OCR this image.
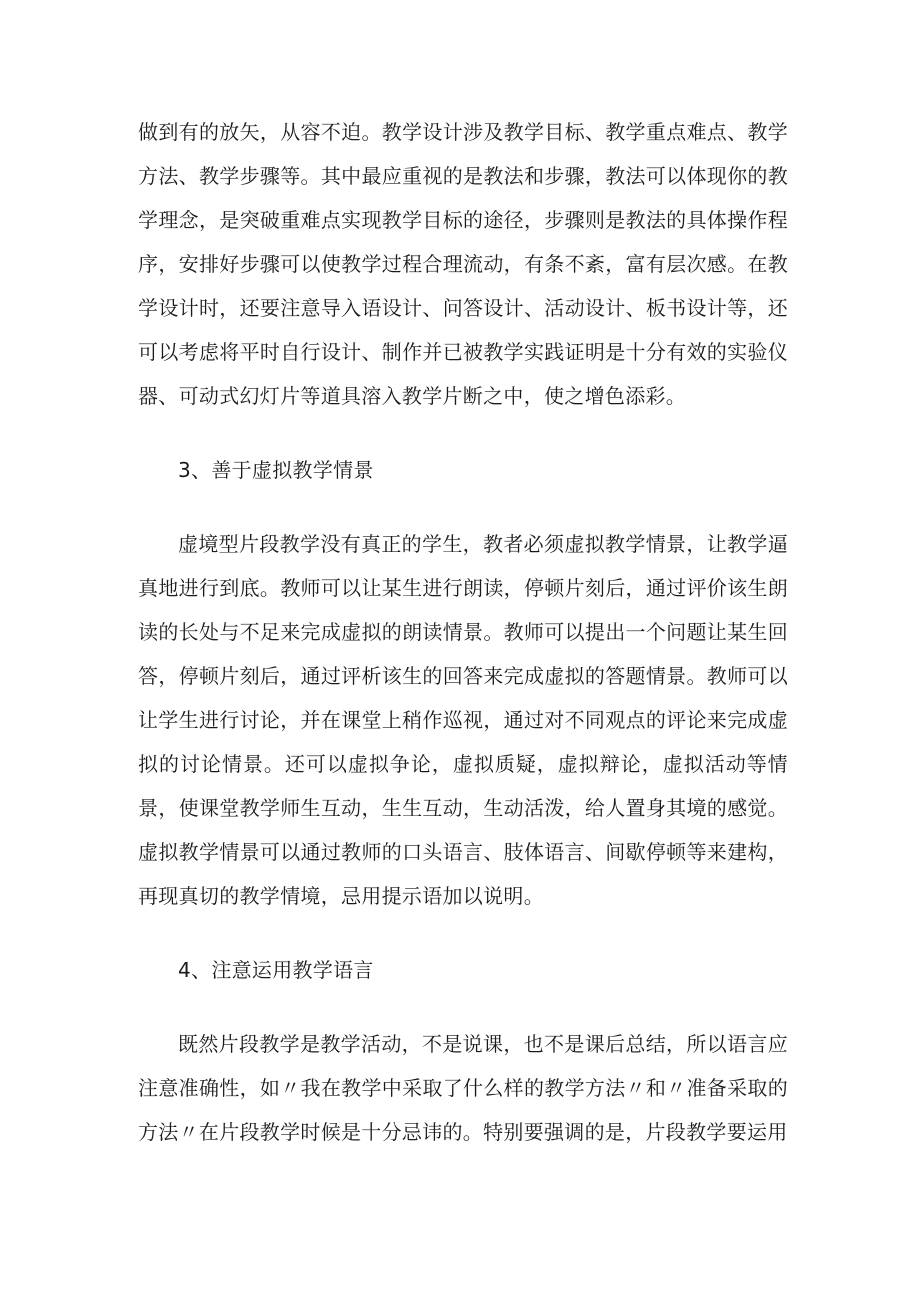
做到有的放矢，从容不迫。教学设计涉及教学目标、教学重点难点、教学方法、教学步骤等。其中最应重视的是教法和步骤，教法可以体现你的教学理念，是突破重难点实现教学目标的途径，步骤则是教法的具体操作程序，安排好步骤可以使教学过程合理流动，有条不紊，富有层次感。在教学设计时，还要注意导入语设计、问答设计、活动设计、板书设计等，还可以考虑将平时自行设计、制作并已被教学实践证明是十分有效的实验仪器、可动式幻灯片等道具溶入教学片断之中，使之增色添彩。

3、善于虚拟教学情景

虚境型片段教学没有真正的学生，教者必须虚拟教学情景，让教学逼真地进行到底。教师可以让某生进行朗读，停顿片刻后，通过评价该生朗读的长处与不足来完成虚拟的朗读情景。教师可以提出一个问题让某生回答，停顿片刻后，通过评析该生的回答来完成虚拟的答题情景。教师可以让学生进行讨论，并在课堂上稍作巡视，通过对不同观点的评论来完成虚拟的讨论情景。还可以虚拟争论，虚拟质疑，虚拟辩论，虚拟活动等情景，使课堂教学师生互动，生生互动，生动活泼，给人置身其境的感觉。虚拟教学情景可以通过教师的口头语言、肢体语言、间歇停顿等来建构，再现真切的教学情境，忌用提示语加以说明。

4、注意运用教学语言

既然片段教学是教学活动，不是说课，也不是课后总结，所以语言应注意准确性，如〃我在教学中采取了什么样的教学方法〃和〃准备采取的方法〃在片段教学时候是十分忌讳的。特别要强调的是，片段教学要运用
